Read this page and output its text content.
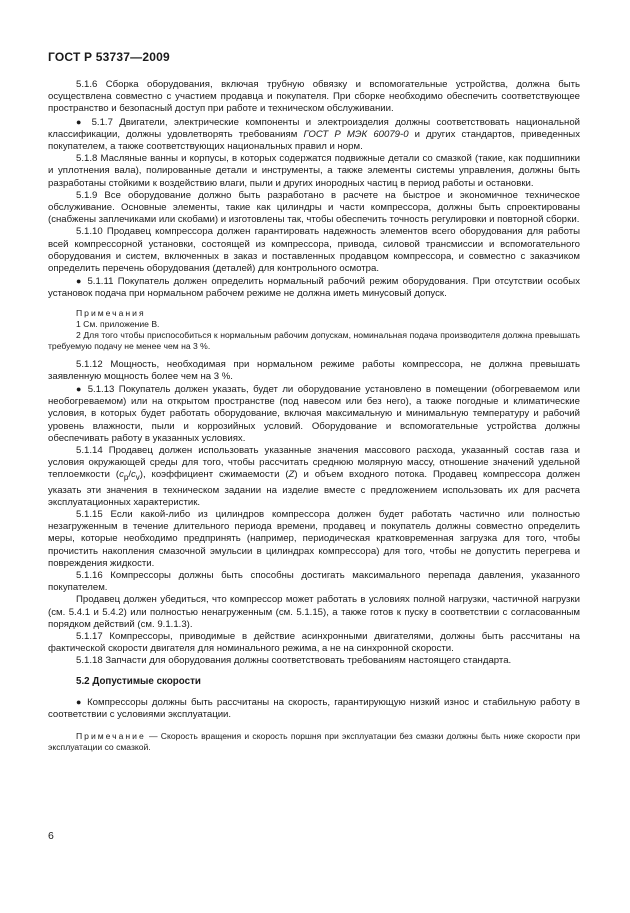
ГОСТ Р 53737—2009

5.1.6 Сборка оборудования, включая трубную обвязку и вспомогательные устройства, должна быть осуществлена совместно с участием продавца и покупателя. При сборке необходимо обеспечить соответствующее пространство и безопасный доступ при работе и техническом обслуживании.

● 5.1.7 Двигатели, электрические компоненты и электроизделия должны соответствовать национальной классификации, должны удовлетворять требованиям ГОСТ Р МЭК 60079-0 и других стандартов, приведенных покупателем, а также соответствующих национальных правил и норм.

5.1.8 Масляные ванны и корпусы, в которых содержатся подвижные детали со смазкой (такие, как подшипники и уплотнения вала), полированные детали и инструменты, а также элементы системы управления, должны быть разработаны стойкими к воздействию влаги, пыли и других инородных частиц в период работы и остановки.

5.1.9 Все оборудование должно быть разработано в расчете на быстрое и экономичное техническое обслуживание. Основные элементы, такие как цилиндры и части компрессора, должны быть спроектированы (снабжены заплечиками или скобами) и изготовлены так, чтобы обеспечить точность регулировки и повторной сборки.

5.1.10 Продавец компрессора должен гарантировать надежность элементов всего оборудования для работы всей компрессорной установки, состоящей из компрессора, привода, силовой трансмиссии и вспомогательного оборудования и систем, включенных в заказ и поставленных продавцом компрессора, и совместно с заказчиком определить перечень оборудования (деталей) для контрольного осмотра.

● 5.1.11 Покупатель должен определить нормальный рабочий режим оборудования. При отсутствии особых установок подача при нормальном рабочем режиме не должна иметь минусовый допуск.

Примечания

1 См. приложение В.

2 Для того чтобы приспособиться к нормальным рабочим допускам, номинальная подача производителя должна превышать требуемую подачу не менее чем на 3 %.

5.1.12 Мощность, необходимая при нормальном режиме работы компрессора, не должна превышать заявленную мощность более чем на 3 %.

● 5.1.13 Покупатель должен указать, будет ли оборудование установлено в помещении (обогреваемом или необогреваемом) или на открытом пространстве (под навесом или без него), а также погодные и климатические условия, в которых будет работать оборудование, включая максимальную и минимальную температуру и рабочий уровень влажности, пыли и коррозийных условий. Оборудование и вспомогательные устройства должны обеспечивать работу в указанных условиях.

5.1.14 Продавец должен использовать указанные значения массового расхода, указанный состав газа и условия окружающей среды для того, чтобы рассчитать среднюю молярную массу, отношение значений удельной теплоемкости $(c_p/c_v)$, коэффициент сжимаемости (Z) и объем входного потока. Продавец компрессора должен указать эти значения в техническом задании на изделие вместе с предложением использовать их для расчета эксплуатационных характеристик.

5.1.15 Если какой-либо из цилиндров компрессора должен будет работать частично или полностью незагруженным в течение длительного периода времени, продавец и покупатель должны совместно определить меры, которые необходимо предпринять (например, периодическая кратковременная загрузка для того, чтобы прочистить накопления смазочной эмульсии в цилиндрах компрессора) для того, чтобы не допустить перегрева и повреждения жидкости.

5.1.16 Компрессоры должны быть способны достигать максимального перепада давления, указанного покупателем.

Продавец должен убедиться, что компрессор может работать в условиях полной нагрузки, частичной нагрузки (см. 5.4.1 и 5.4.2) или полностью ненагруженным (см. 5.1.15), а также готов к пуску в соответствии с согласованным порядком действий (см. 9.1.1.3).

5.1.17 Компрессоры, приводимые в действие асинхронными двигателями, должны быть рассчитаны на фактической скорости двигателя для номинального режима, а не на синхронной скорости.

5.1.18 Запчасти для оборудования должны соответствовать требованиям настоящего стандарта.

5.2 Допустимые скорости

● Компрессоры должны быть рассчитаны на скорость, гарантирующую низкий износ и стабильную работу в соответствии с условиями эксплуатации.

Примечание — Скорость вращения и скорость поршня при эксплуатации без смазки должны быть ниже скорости при эксплуатации со смазкой.

6
